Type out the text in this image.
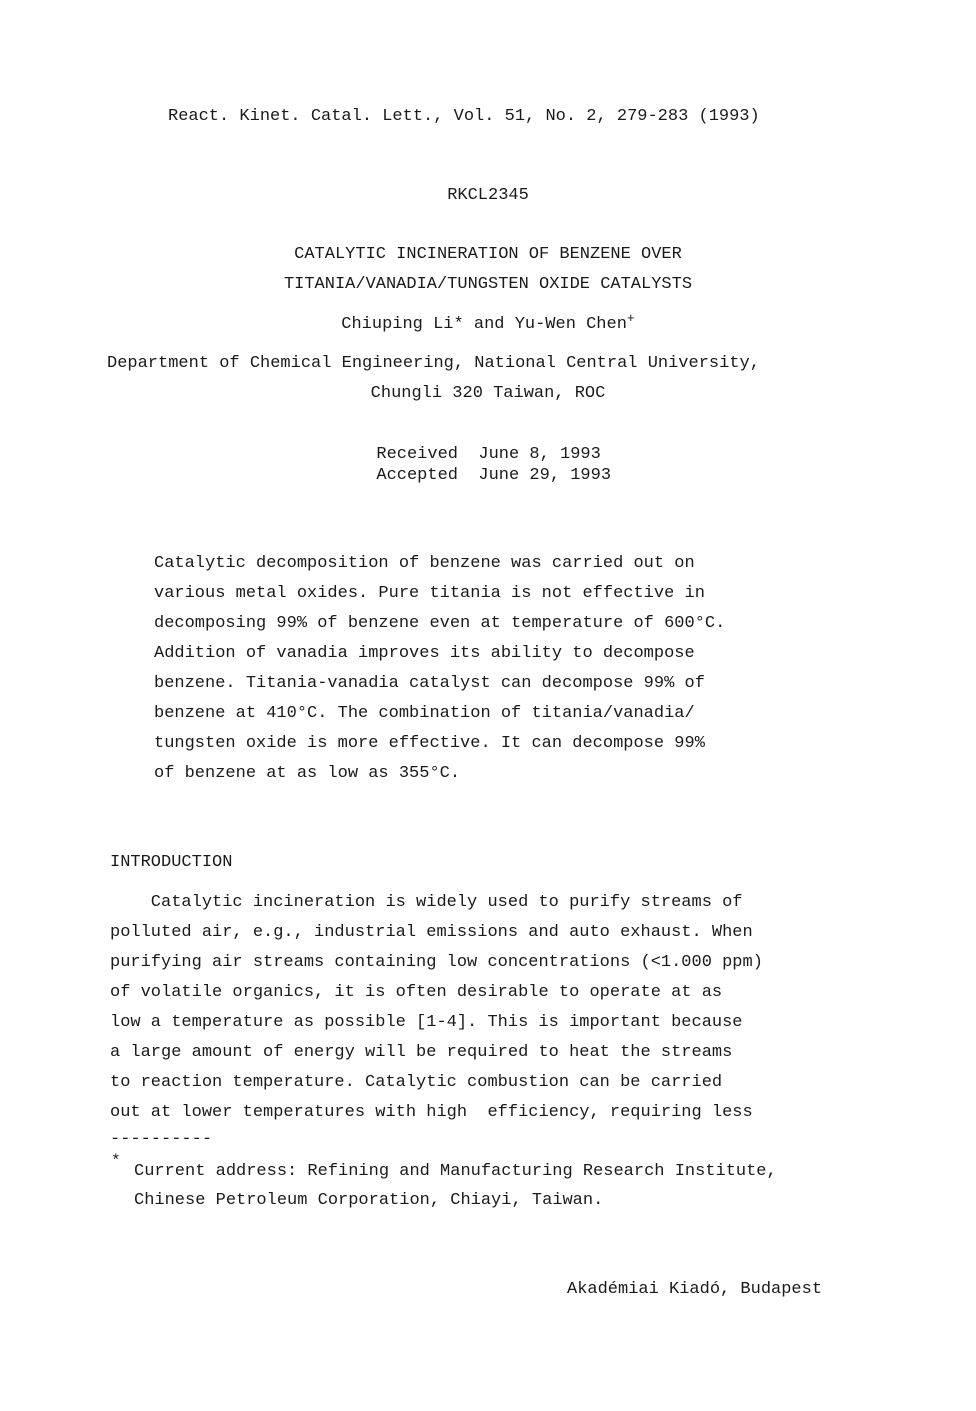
React. Kinet. Catal. Lett., Vol. 51, No. 2, 279-283 (1993)
RKCL2345
CATALYTIC INCINERATION OF BENZENE OVER
TITANIA/VANADIA/TUNGSTEN OXIDE CATALYSTS
Chiuping Li* and Yu-Wen Chen+
Department of Chemical Engineering, National Central University,
Chungli 320 Taiwan, ROC
Received June 8, 1993
Accepted June 29, 1993
Catalytic decomposition of benzene was carried out on
various metal oxides. Pure titania is not effective in
decomposing 99% of benzene even at temperature of 600°C.
Addition of vanadia improves its ability to decompose
benzene. Titania-vanadia catalyst can decompose 99% of
benzene at 410°C. The combination of titania/vanadia/
tungsten oxide is more effective. It can decompose 99%
of benzene at as low as 355°C.
INTRODUCTION
Catalytic incineration is widely used to purify streams of
polluted air, e.g., industrial emissions and auto exhaust. When
purifying air streams containing low concentrations (<1.000 ppm)
of volatile organics, it is often desirable to operate at as
low a temperature as possible [1-4]. This is important because
a large amount of energy will be required to heat the streams
to reaction temperature. Catalytic combustion can be carried
out at lower temperatures with high  efficiency, requiring less
----------
*
Current address: Refining and Manufacturing Research Institute,
Chinese Petroleum Corporation, Chiayi, Taiwan.
Akadémiai Kiadó, Budapest
